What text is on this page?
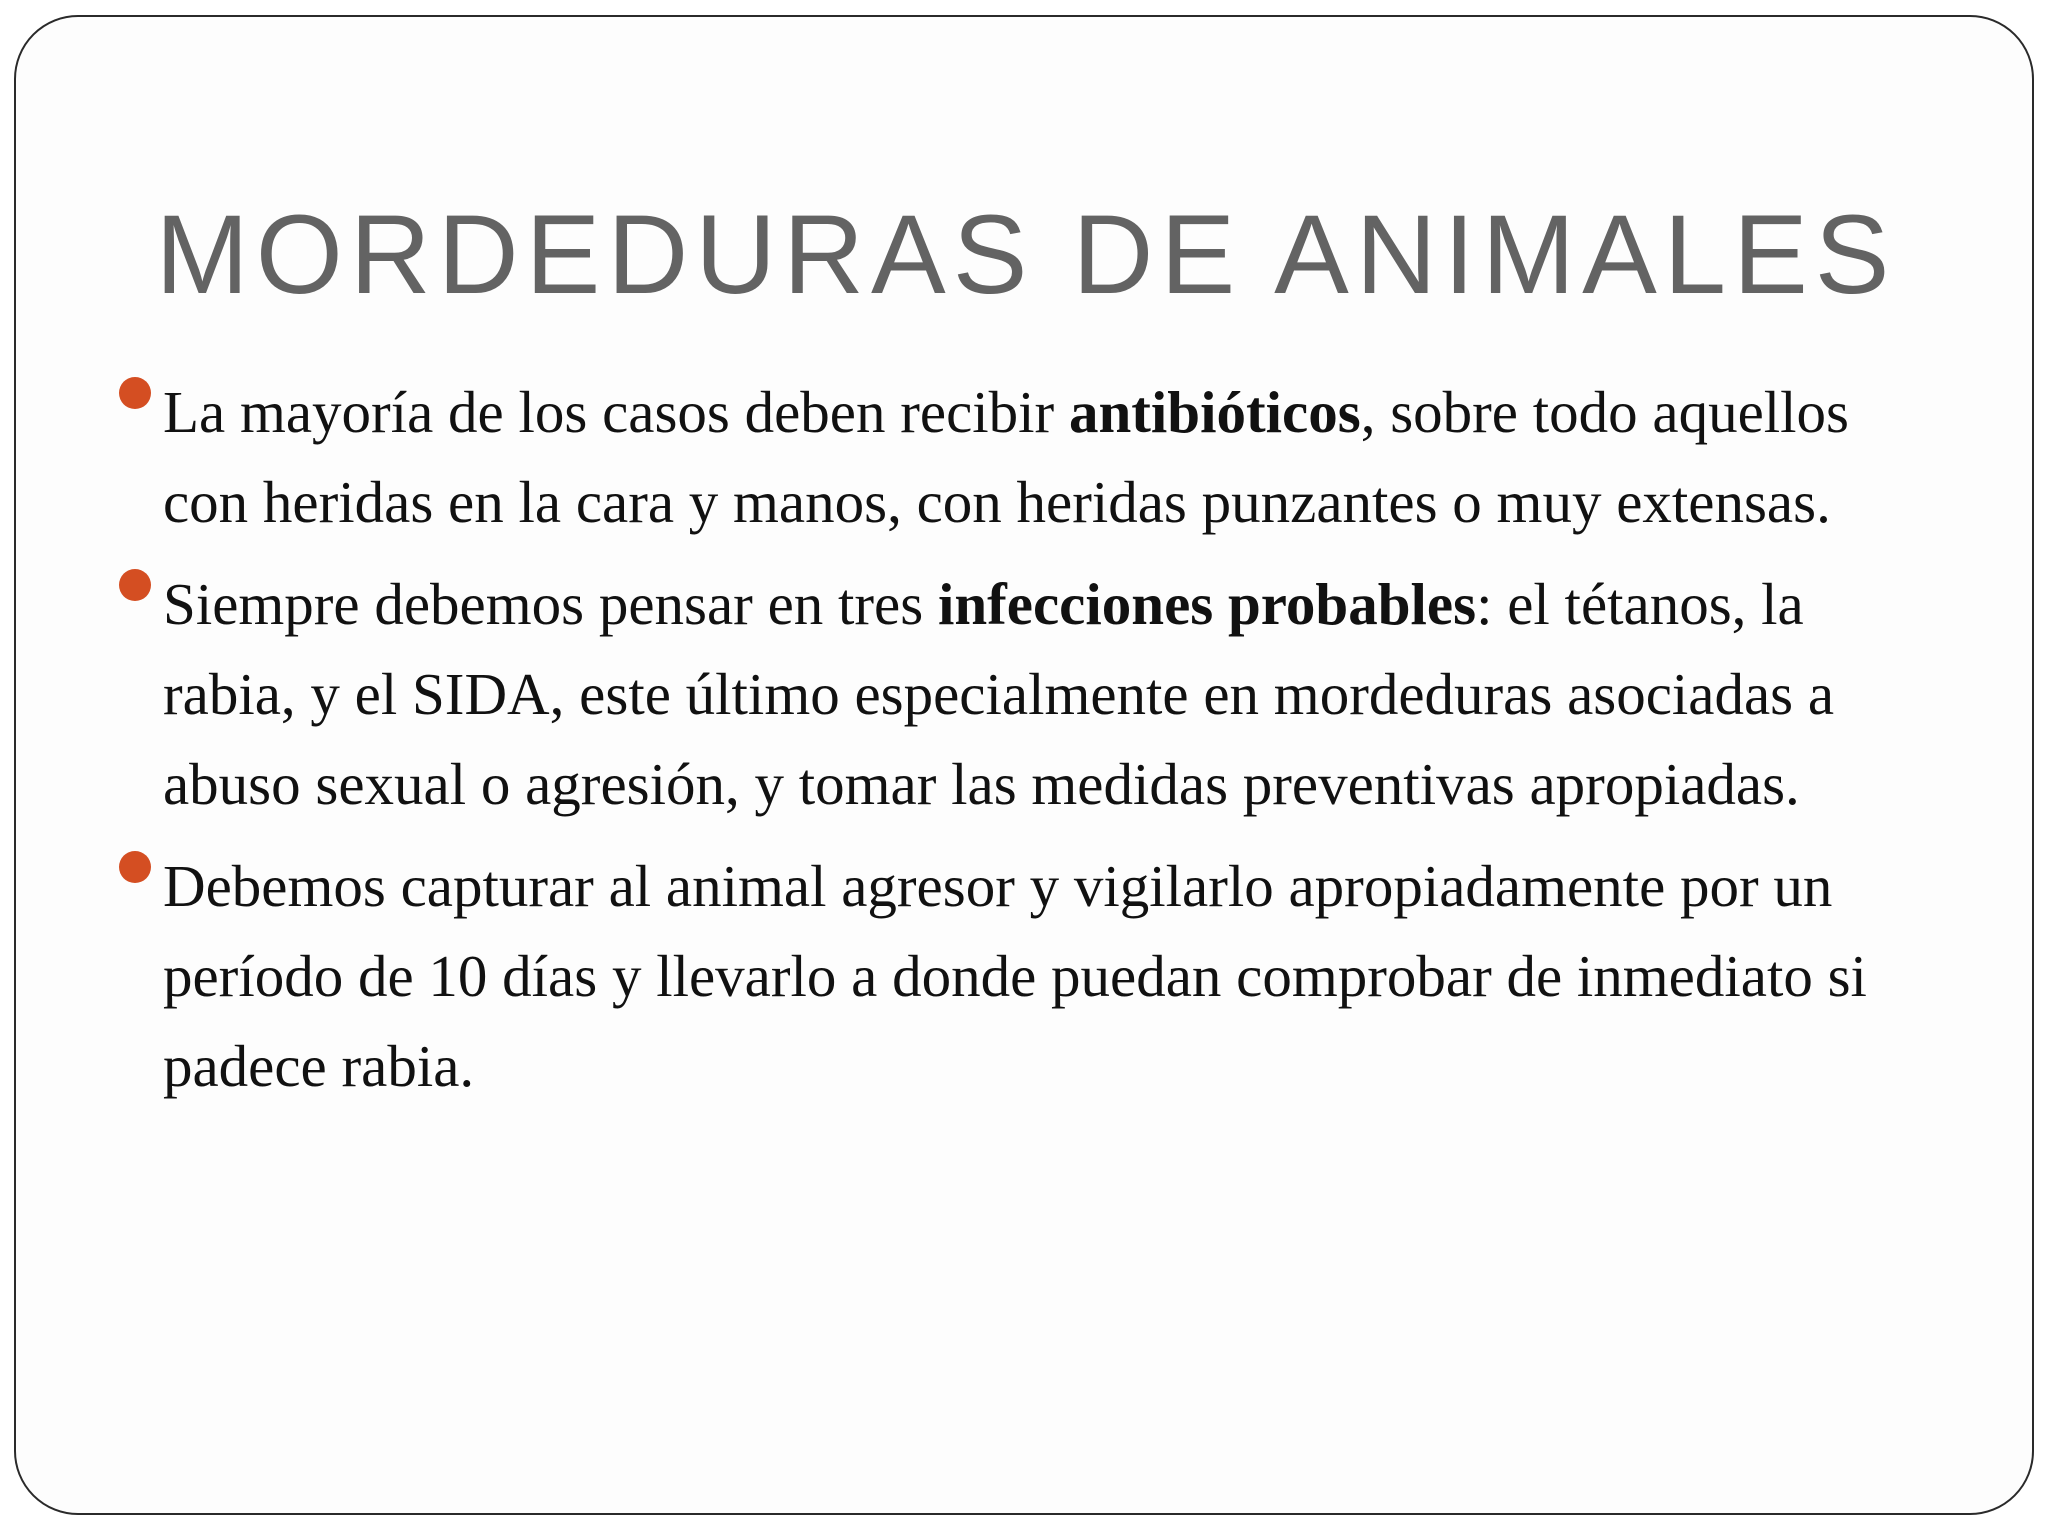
MORDEDURAS DE ANIMALES
La mayoría de los casos deben recibir antibióticos, sobre todo aquellos con heridas en la cara y manos, con heridas punzantes o muy extensas.
Siempre debemos pensar en tres infecciones probables: el tétanos, la rabia, y el SIDA, este último especialmente en mordeduras asociadas a abuso sexual o agresión, y tomar las medidas preventivas apropiadas.
Debemos capturar al animal agresor y vigilarlo apropiadamente por un período de 10 días y llevarlo a donde puedan comprobar de inmediato si padece rabia.
